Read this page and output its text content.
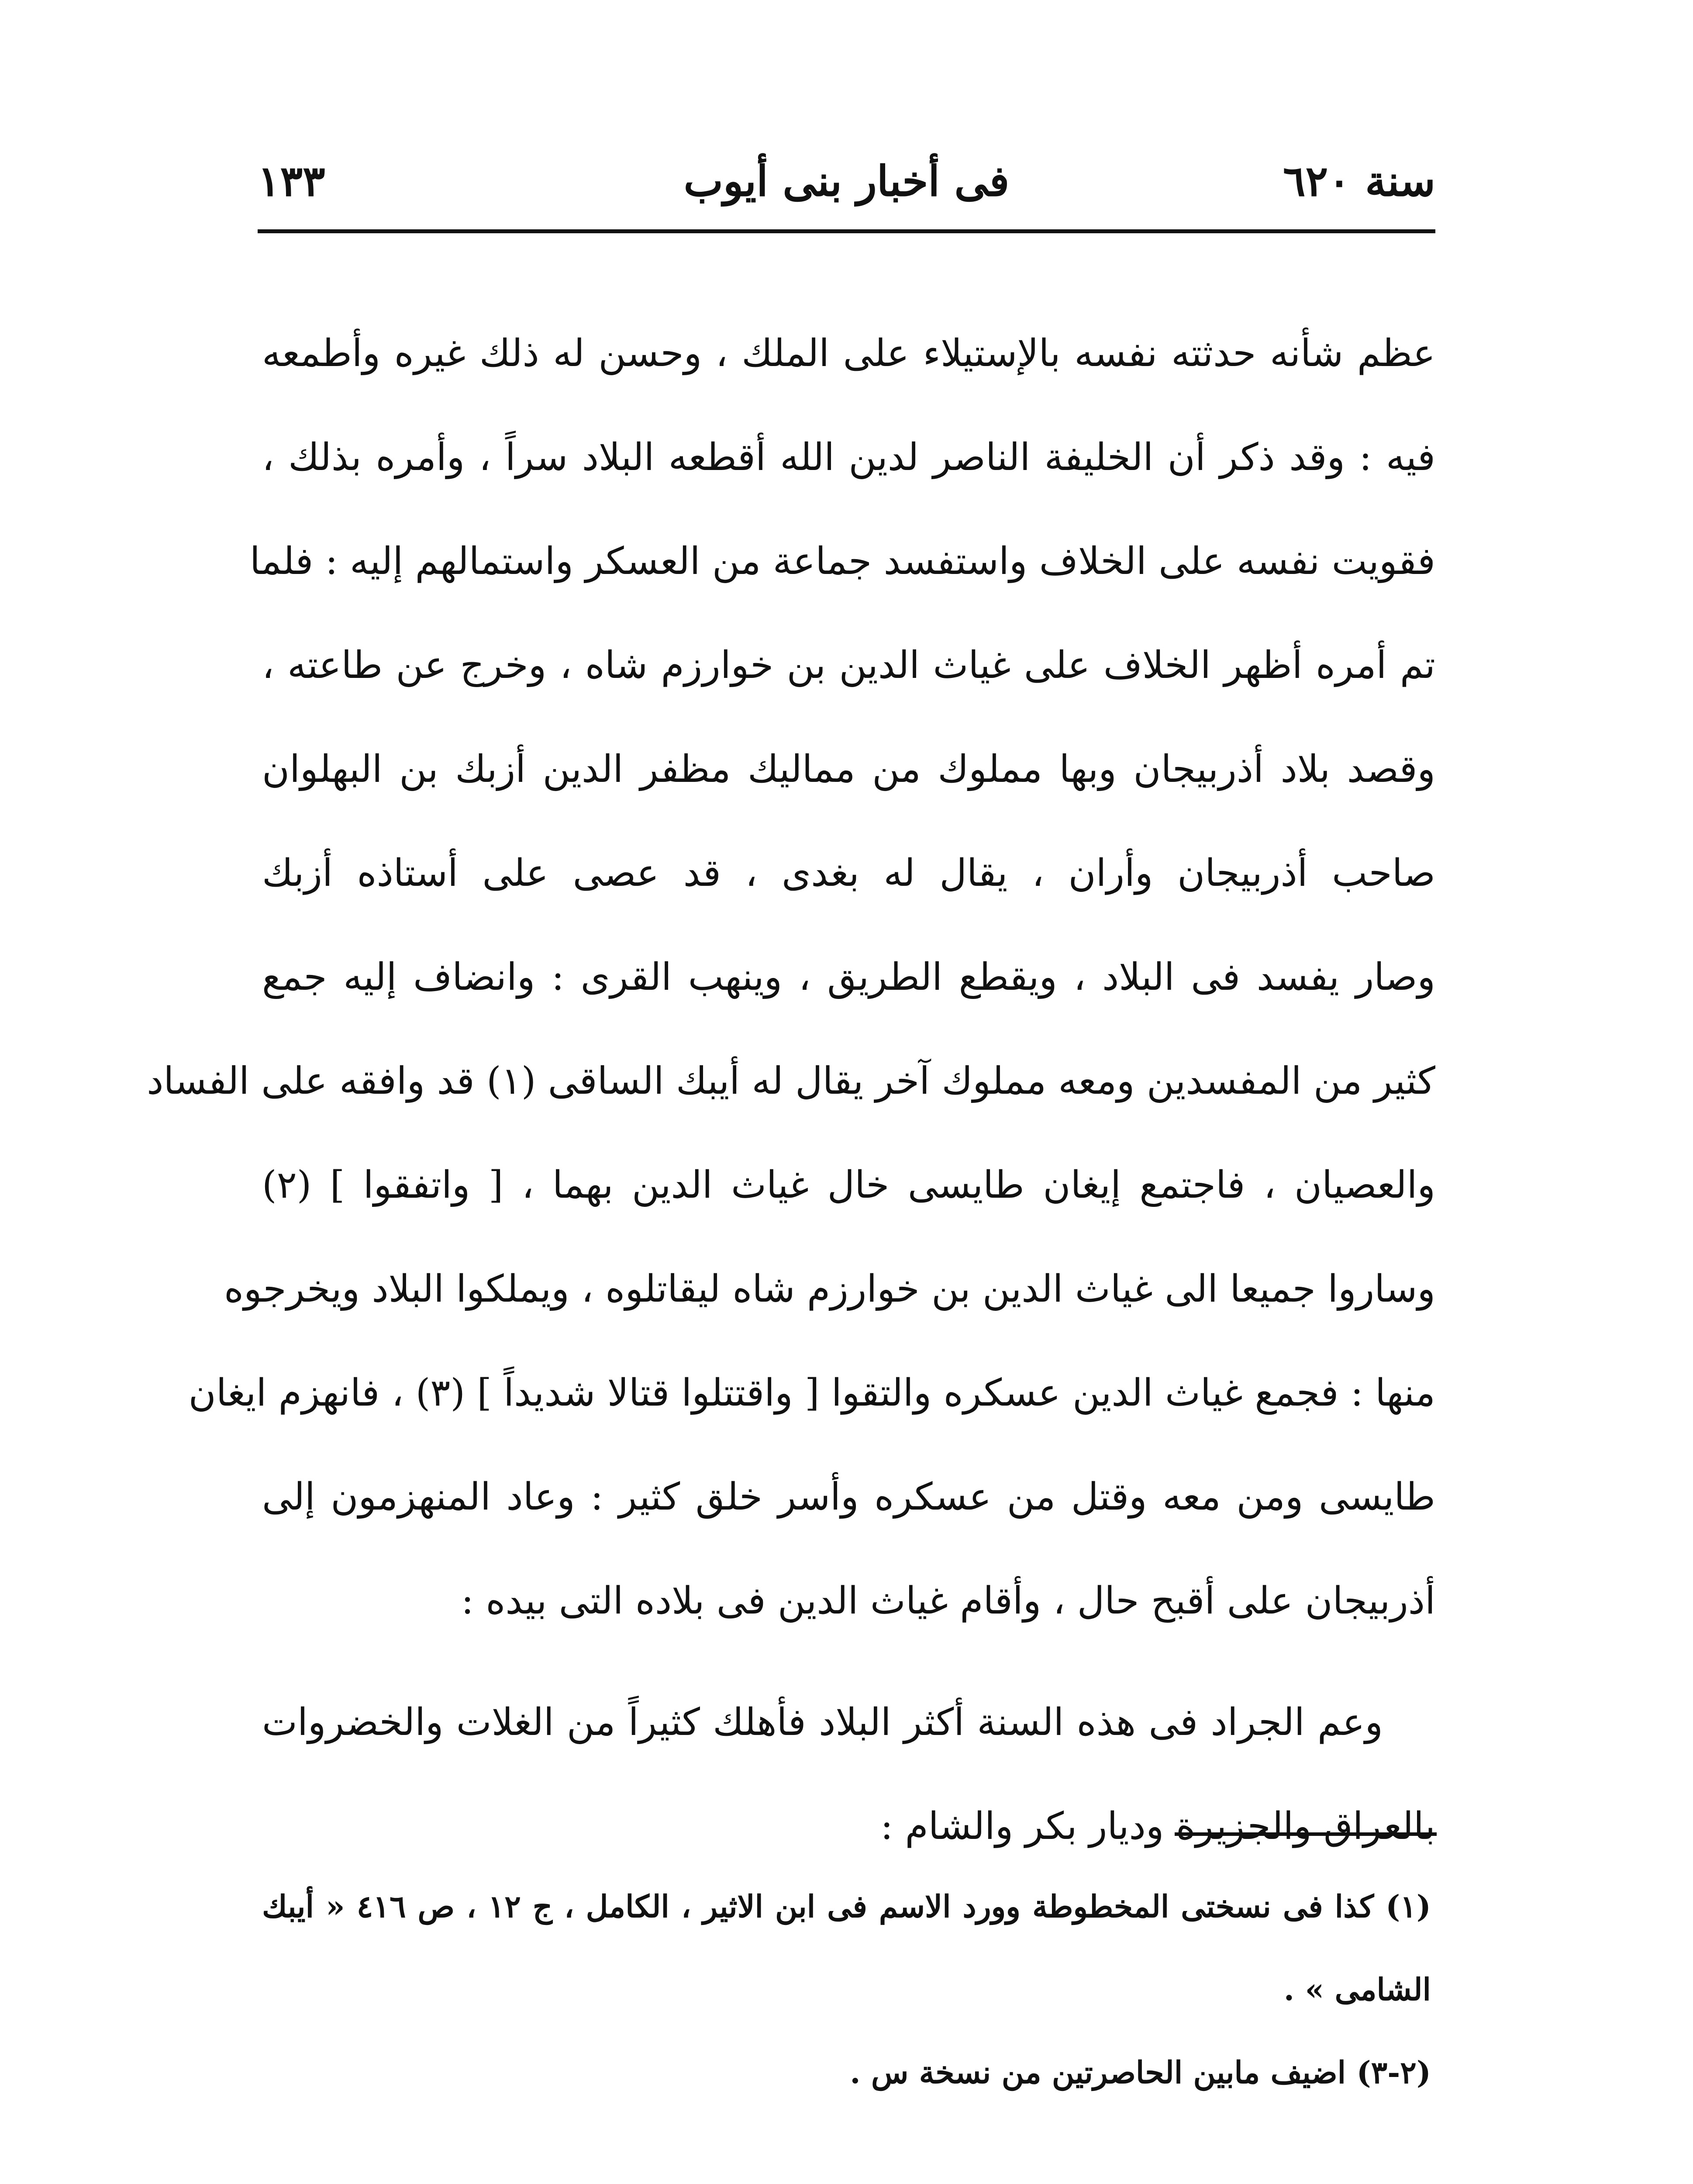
سنة ٦٢٠
فى أخبار بنى أيوب
١٣٣
عظم شأنه حدثته نفسه بالإستيلاء على الملك ، وحسن له ذلك غيره وأطمعه
فيه : وقد ذكر أن الخليفة الناصر لدين الله أقطعه البلاد سراً ، وأمره بذلك ،
فقويت نفسه على الخلاف واستفسد جماعة من العسكر واستمالهم إليه : فلما
تم أمره أظهر الخلاف على غياث الدين بن خوارزم شاه ، وخرج عن طاعته ،
وقصد بلاد أذربيجان وبها مملوك من مماليك مظفر الدين أزبك بن البهلوان
صاحب أذربيجان وأران ، يقال له بغدى ، قد عصى على أستاذه أزبك
وصار يفسد فى البلاد ، ويقطع الطريق ، وينهب القرى : وانضاف إليه جمع
كثير من المفسدين ومعه مملوك آخر يقال له أيبك الساقى (١) قد وافقه على الفساد
والعصيان ، فاجتمع إيغان طايسى خال غياث الدين بهما ، [ واتفقوا ] (٢)
وساروا جميعا الى غياث الدين بن خوارزم شاه ليقاتلوه ، ويملكوا البلاد ويخرجوه
منها : فجمع غياث الدين عسكره والتقوا [ واقتتلوا قتالا شديداً ] (٣) ، فانهزم ايغان
طايسى ومن معه وقتل من عسكره وأسر خلق كثير : وعاد المنهزمون إلى
أذربيجان على أقبح حال ، وأقام غياث الدين فى بلاده التى بيده :
وعم الجراد فى هذه السنة أكثر البلاد فأهلك كثيراً من الغلات والخضروات
بالعراق والجزيرة وديار بكر والشام :
(١) كذا فى نسختى المخطوطة وورد الاسم فى ابن الاثير ، الكامل ، ج ١٢ ، ص ٤١٦ « أيبك
الشامى » .
(٢-٣) اضيف مابين الحاصرتين من نسخة س .
